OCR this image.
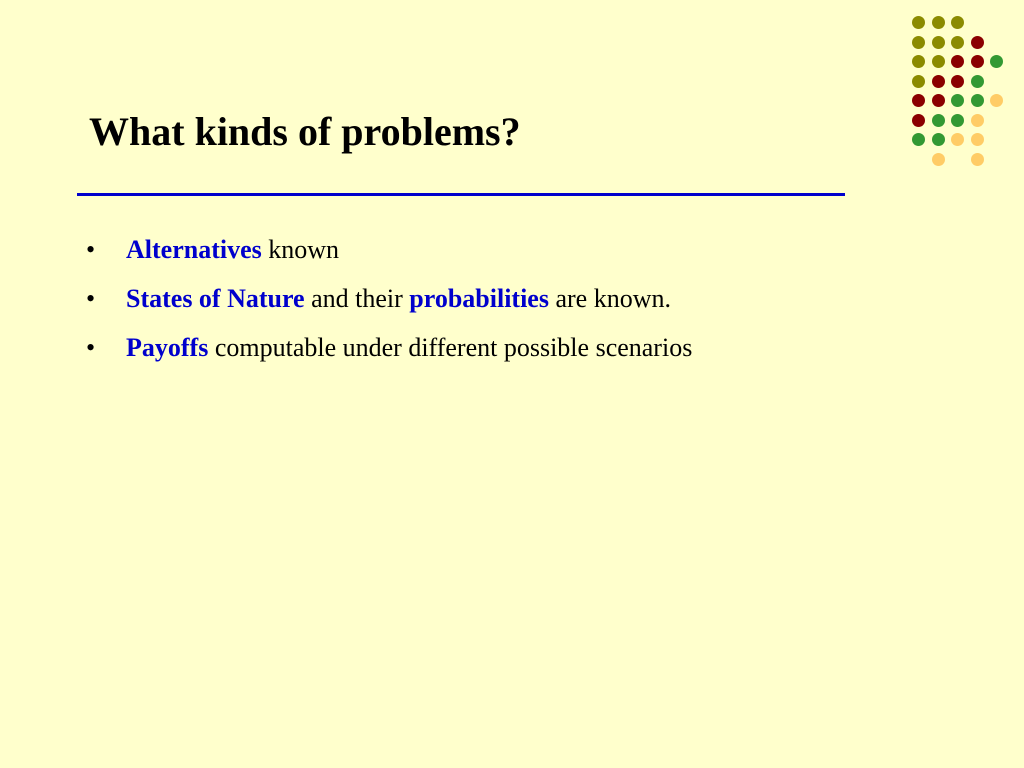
What kinds of problems?
•	Alternatives known
•	States of Nature and their probabilities are known.
•	Payoffs computable under different possible scenarios
